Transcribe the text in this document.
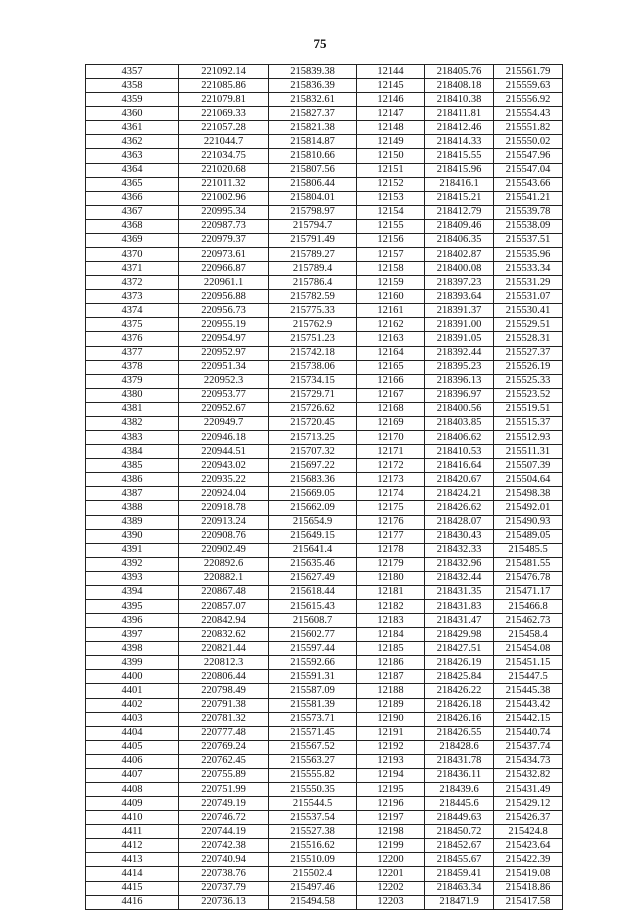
75
4357	221092.14	215839.38	12144	218405.76	215561.79
4358	221085.86	215836.39	12145	218408.18	215559.63
4359	221079.81	215832.61	12146	218410.38	215556.92
4360	221069.33	215827.37	12147	218411.81	215554.43
4361	221057.28	215821.38	12148	218412.46	215551.82
4362	221044.7	215814.87	12149	218414.33	215550.02
4363	221034.75	215810.66	12150	218415.55	215547.96
4364	221020.68	215807.56	12151	218415.96	215547.04
4365	221011.32	215806.44	12152	218416.1	215543.66
4366	221002.96	215804.01	12153	218415.21	215541.21
4367	220995.34	215798.97	12154	218412.79	215539.78
4368	220987.73	215794.7	12155	218409.46	215538.09
4369	220979.37	215791.49	12156	218406.35	215537.51
4370	220973.61	215789.27	12157	218402.87	215535.96
4371	220966.87	215789.4	12158	218400.08	215533.34
4372	220961.1	215786.4	12159	218397.23	215531.29
4373	220956.88	215782.59	12160	218393.64	215531.07
4374	220956.73	215775.33	12161	218391.37	215530.41
4375	220955.19	215762.9	12162	218391.00	215529.51
4376	220954.97	215751.23	12163	218391.05	215528.31
4377	220952.97	215742.18	12164	218392.44	215527.37
4378	220951.34	215738.06	12165	218395.23	215526.19
4379	220952.3	215734.15	12166	218396.13	215525.33
4380	220953.77	215729.71	12167	218396.97	215523.52
4381	220952.67	215726.62	12168	218400.56	215519.51
4382	220949.7	215720.45	12169	218403.85	215515.37
4383	220946.18	215713.25	12170	218406.62	215512.93
4384	220944.51	215707.32	12171	218410.53	215511.31
4385	220943.02	215697.22	12172	218416.64	215507.39
4386	220935.22	215683.36	12173	218420.67	215504.64
4387	220924.04	215669.05	12174	218424.21	215498.38
4388	220918.78	215662.09	12175	218426.62	215492.01
4389	220913.24	215654.9	12176	218428.07	215490.93
4390	220908.76	215649.15	12177	218430.43	215489.05
4391	220902.49	215641.4	12178	218432.33	215485.5
4392	220892.6	215635.46	12179	218432.96	215481.55
4393	220882.1	215627.49	12180	218432.44	215476.78
4394	220867.48	215618.44	12181	218431.35	215471.17
4395	220857.07	215615.43	12182	218431.83	215466.8
4396	220842.94	215608.7	12183	218431.47	215462.73
4397	220832.62	215602.77	12184	218429.98	215458.4
4398	220821.44	215597.44	12185	218427.51	215454.08
4399	220812.3	215592.66	12186	218426.19	215451.15
4400	220806.44	215591.31	12187	218425.84	215447.5
4401	220798.49	215587.09	12188	218426.22	215445.38
4402	220791.38	215581.39	12189	218426.18	215443.42
4403	220781.32	215573.71	12190	218426.16	215442.15
4404	220777.48	215571.45	12191	218426.55	215440.74
4405	220769.24	215567.52	12192	218428.6	215437.74
4406	220762.45	215563.27	12193	218431.78	215434.73
4407	220755.89	215555.82	12194	218436.11	215432.82
4408	220751.99	215550.35	12195	218439.6	215431.49
4409	220749.19	215544.5	12196	218445.6	215429.12
4410	220746.72	215537.54	12197	218449.63	215426.37
4411	220744.19	215527.38	12198	218450.72	215424.8
4412	220742.38	215516.62	12199	218452.67	215423.64
4413	220740.94	215510.09	12200	218455.67	215422.39
4414	220738.76	215502.4	12201	218459.41	215419.08
4415	220737.79	215497.46	12202	218463.34	215418.86
4416	220736.13	215494.58	12203	218471.9	215417.58
